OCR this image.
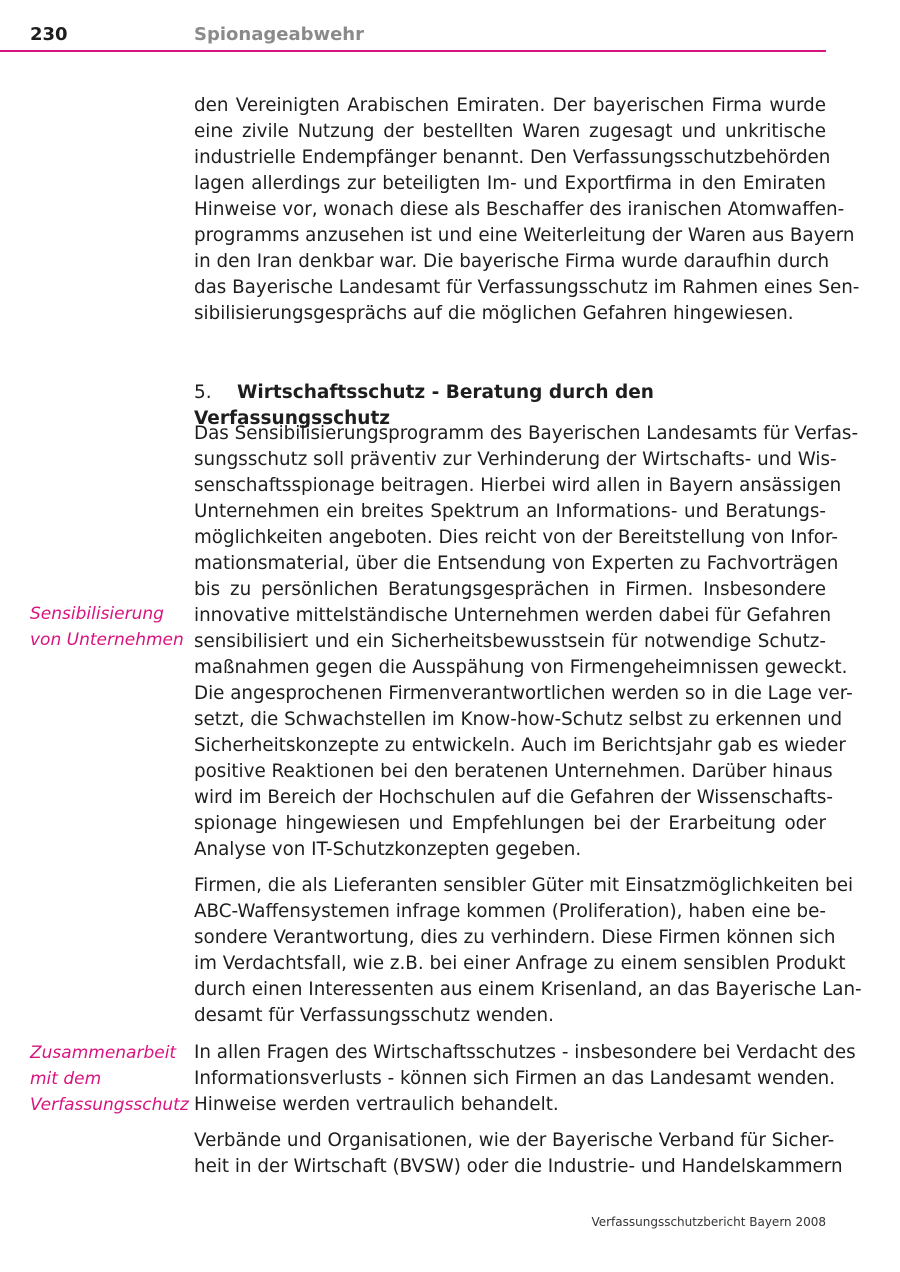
230	Spionageabwehr
den Vereinigten Arabischen Emiraten. Der bayerischen Firma wurde
eine zivile Nutzung der bestellten Waren zugesagt und unkritische
industrielle Endempfänger benannt. Den Verfassungsschutzbehörden
lagen allerdings zur beteiligten Im- und Exportfirma in den Emiraten
Hinweise vor, wonach diese als Beschaffer des iranischen Atomwaffen-
programms anzusehen ist und eine Weiterleitung der Waren aus Bayern
in den Iran denkbar war. Die bayerische Firma wurde daraufhin durch
das Bayerische Landesamt für Verfassungsschutz im Rahmen eines Sen-
sibilisierungsgesprächs auf die möglichen Gefahren hingewiesen.
5. Wirtschaftsschutz - Beratung durch den Verfassungsschutz
Das Sensibilisierungsprogramm des Bayerischen Landesamts für Verfas-
sungsschutz soll präventiv zur Verhinderung der Wirtschafts- und Wis-
senschaftsspionage beitragen. Hierbei wird allen in Bayern ansässigen
Unternehmen ein breites Spektrum an Informations- und Beratungs-
möglichkeiten angeboten. Dies reicht von der Bereitstellung von Infor-
mationsmaterial, über die Entsendung von Experten zu Fachvorträgen
bis zu persönlichen Beratungsgesprächen in Firmen. Insbesondere
innovative mittelständische Unternehmen werden dabei für Gefahren
sensibilisiert und ein Sicherheitsbewusstsein für notwendige Schutz-
maßnahmen gegen die Ausspähung von Firmengeheimnissen geweckt.
Die angesprochenen Firmenverantwortlichen werden so in die Lage ver-
setzt, die Schwachstellen im Know-how-Schutz selbst zu erkennen und
Sicherheitskonzepte zu entwickeln. Auch im Berichtsjahr gab es wieder
positive Reaktionen bei den beratenen Unternehmen. Darüber hinaus
wird im Bereich der Hochschulen auf die Gefahren der Wissenschafts-
spionage hingewiesen und Empfehlungen bei der Erarbeitung oder
Analyse von IT-Schutzkonzepten gegeben.
Firmen, die als Lieferanten sensibler Güter mit Einsatzmöglichkeiten bei
ABC-Waffensystemen infrage kommen (Proliferation), haben eine be-
sondere Verantwortung, dies zu verhindern. Diese Firmen können sich
im Verdachtsfall, wie z.B. bei einer Anfrage zu einem sensiblen Produkt
durch einen Interessenten aus einem Krisenland, an das Bayerische Lan-
desamt für Verfassungsschutz wenden.
In allen Fragen des Wirtschaftsschutzes - insbesondere bei Verdacht des
Informationsverlusts - können sich Firmen an das Landesamt wenden.
Hinweise werden vertraulich behandelt.
Verbände und Organisationen, wie der Bayerische Verband für Sicher-
heit in der Wirtschaft (BVSW) oder die Industrie- und Handelskammern
Sensibilisierung
von Unternehmen
Zusammenarbeit
mit dem
Verfassungsschutz
Verfassungsschutzbericht Bayern 2008
